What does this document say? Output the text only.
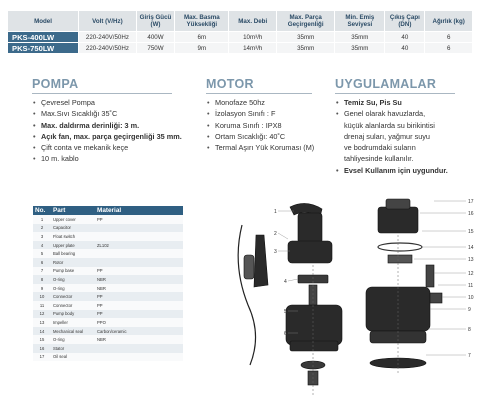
Model	Volt (V/Hz)	Giriş Gücü (W)	Max. Basma Yüksekliği	Max. Debi	Max. Parça Geçirgenliği	Min. Emiş Seviyesi	Çıkış Çapı (DN)	Ağırlık (kg)
PKS-400LW	220-240V/50Hz	400W	6m	10m³/h	35mm	35mm	40	6
PKS-750LW	220-240V/50Hz	750W	9m	14m³/h	35mm	35mm	40	6
POMPA	MOTOR	UYGULAMALAR
• Çevresel Pompa
• Max.Sıvı Sıcaklığı 35˚C
• Max. daldırma derinliği: 3 m.
• Açık fan, max. parça geçirgenliği 35 mm.
• Çift conta ve mekanik keçe
• 10 m. kablo
• Monofaze 50hz
• İzolasyon Sınıfı : F
• Koruma Sınıfı : IPX8
• Ortam Sıcaklığı: 40˚C
• Termal Aşırı Yük Koruması (M)
• Temiz Su, Pis Su
• Genel olarak havuzlarda,
küçük alanlarda su birikintisi
drenaj suları, yağmur suyu
ve bodrumdaki suların
tahliyesinde kullanılır.
• Evsel Kullanım için uygundur.
No.	Part	Material
1	Upper cover	PP
2	Capacitor	
3	Float switch	
4	Upper plate	ZL102
5	Ball bearing	
6	Rotor	
7	Pump base	PP
8	O-ring	NBR
9	O-ring	NBR
10	Connector	PP
11	Connector	PP
12	Pump body	PP
13	Impeller	PPO
14	Mechanical seal	Carbon/ceramic
15	O-ring	NBR
16	Stator	
17	Oil seal	
1
2
3
4
5
6
17
16
15
14
13
12
11
10
9
8
7
